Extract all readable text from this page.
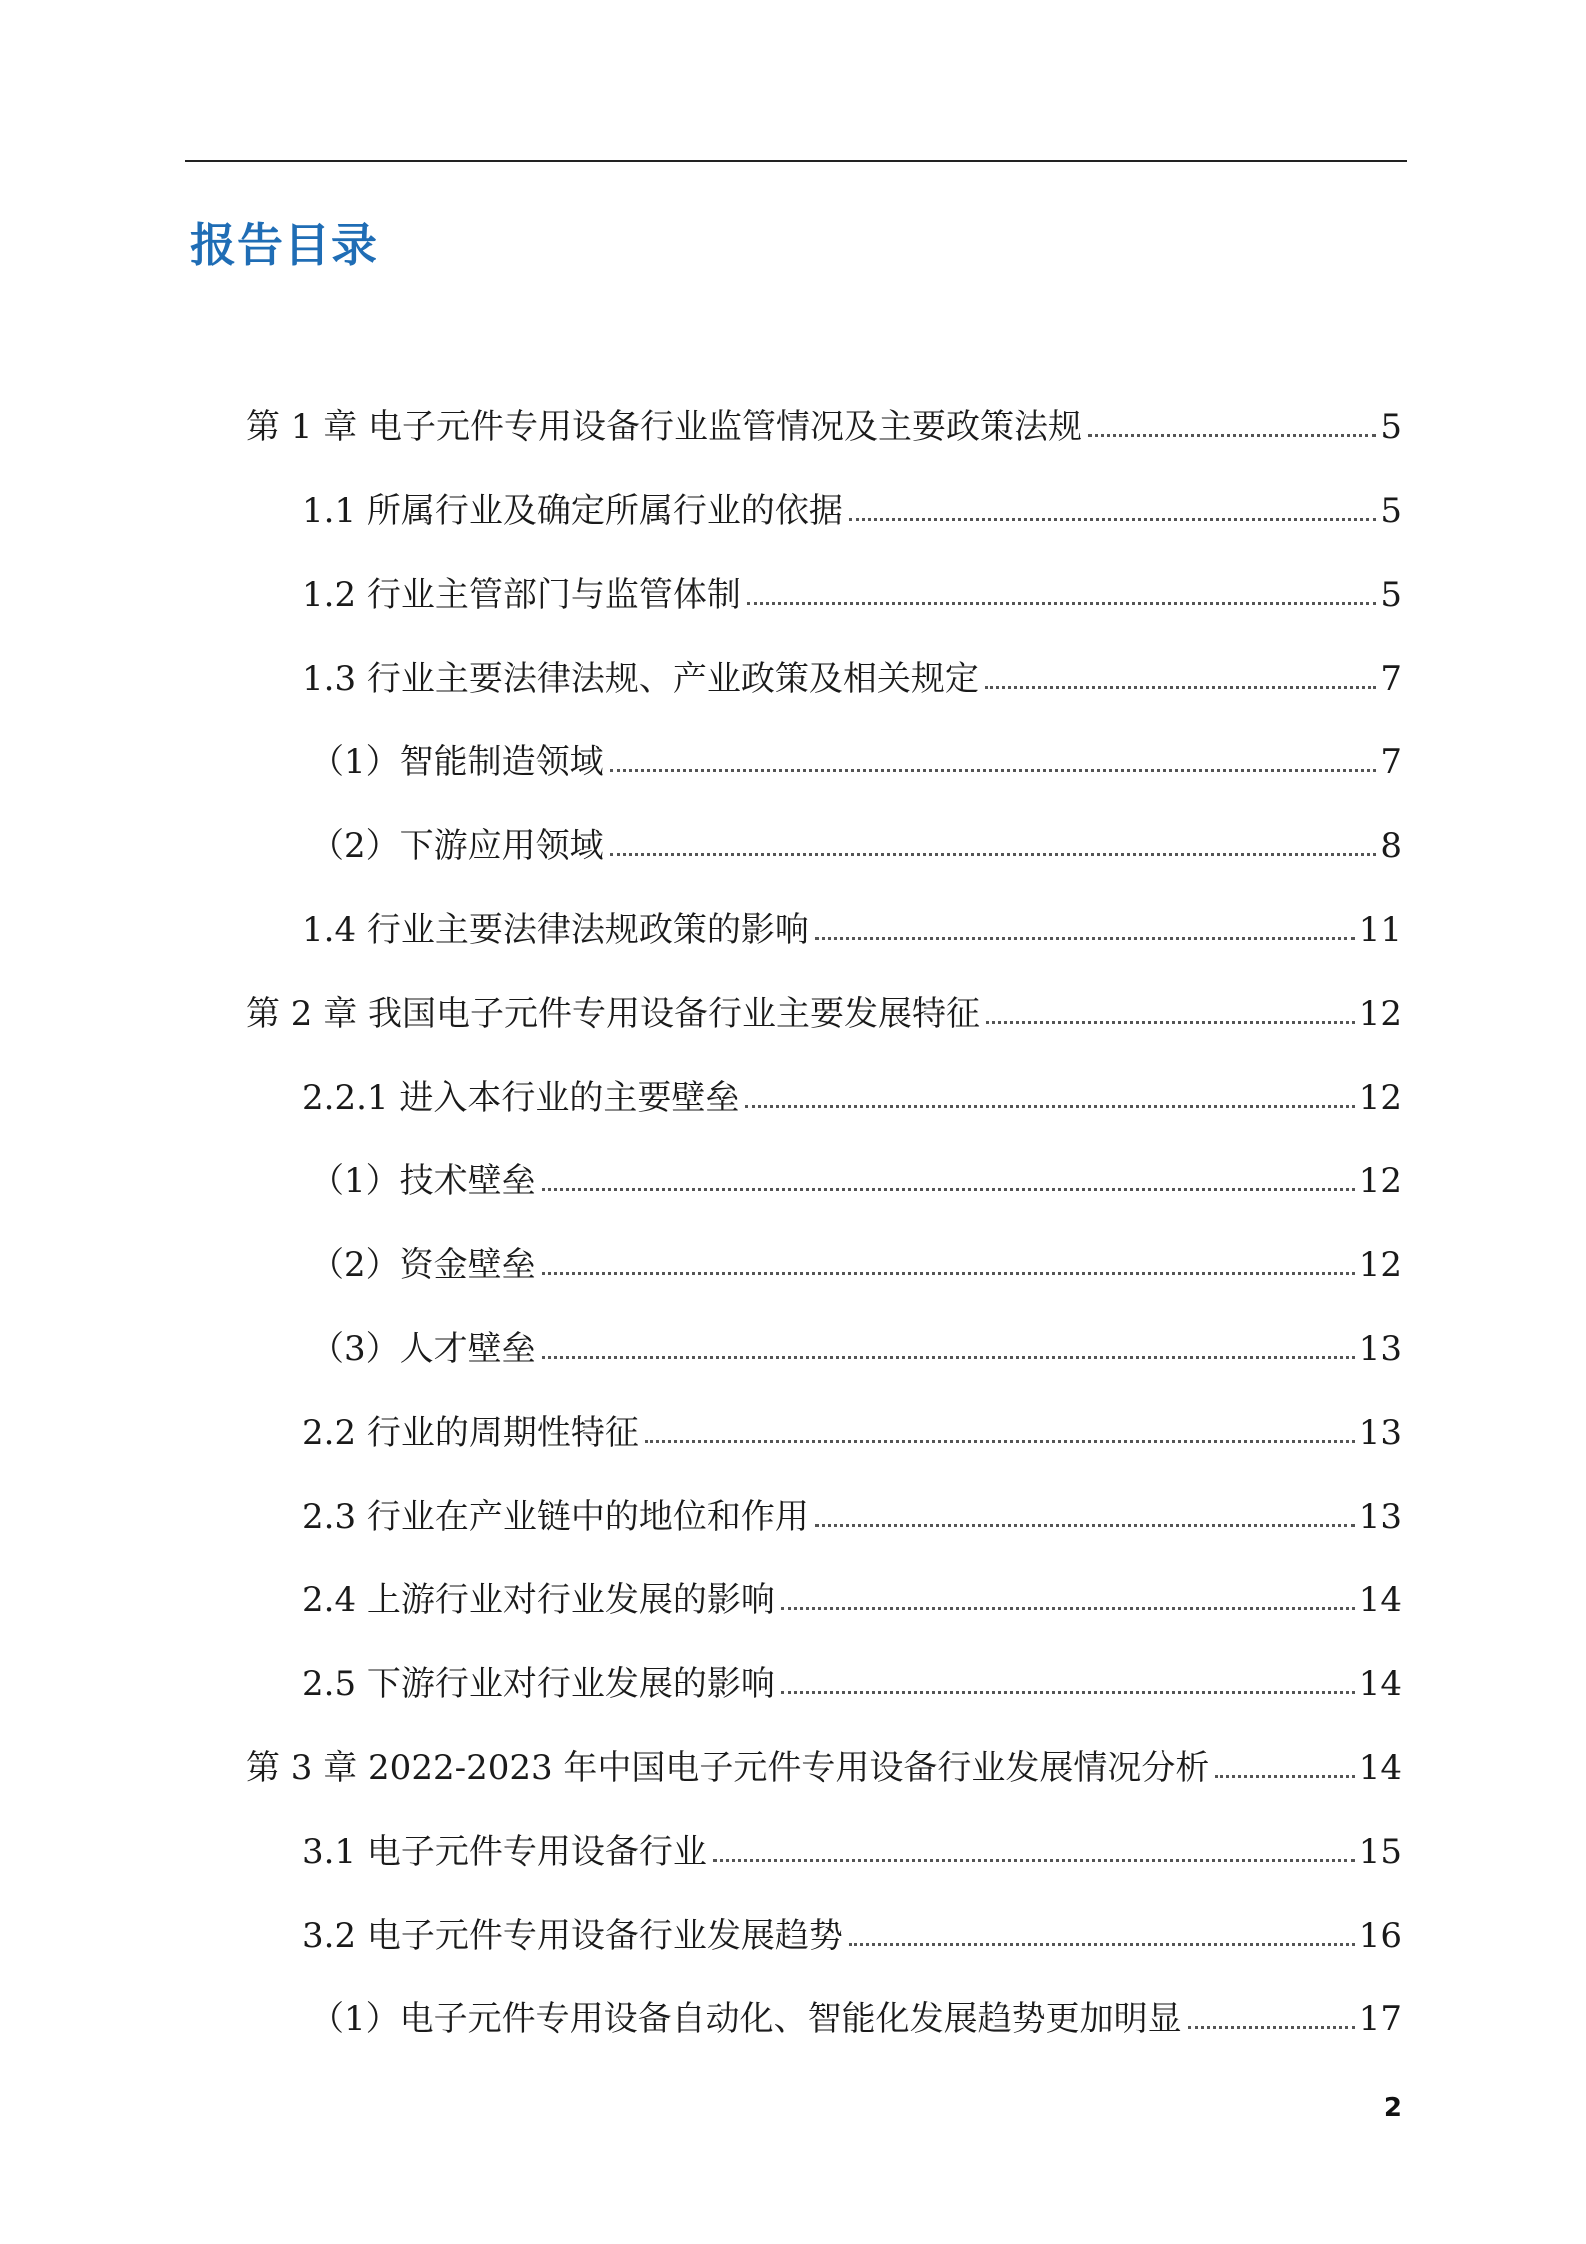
报告目录
第 1 章 电子元件专用设备行业监管情况及主要政策法规	5
1.1 所属行业及确定所属行业的依据	5
1.2 行业主管部门与监管体制	5
1.3 行业主要法律法规、产业政策及相关规定	7
（1）智能制造领域	7
（2）下游应用领域	8
1.4 行业主要法律法规政策的影响	11
第 2 章 我国电子元件专用设备行业主要发展特征	12
2.2.1 进入本行业的主要壁垒	12
（1）技术壁垒	12
（2）资金壁垒	12
（3）人才壁垒	13
2.2 行业的周期性特征	13
2.3 行业在产业链中的地位和作用	13
2.4 上游行业对行业发展的影响	14
2.5 下游行业对行业发展的影响	14
第 3 章 2022-2023 年中国电子元件专用设备行业发展情况分析	14
3.1 电子元件专用设备行业	15
3.2 电子元件专用设备行业发展趋势	16
（1）电子元件专用设备自动化、智能化发展趋势更加明显	17
2
